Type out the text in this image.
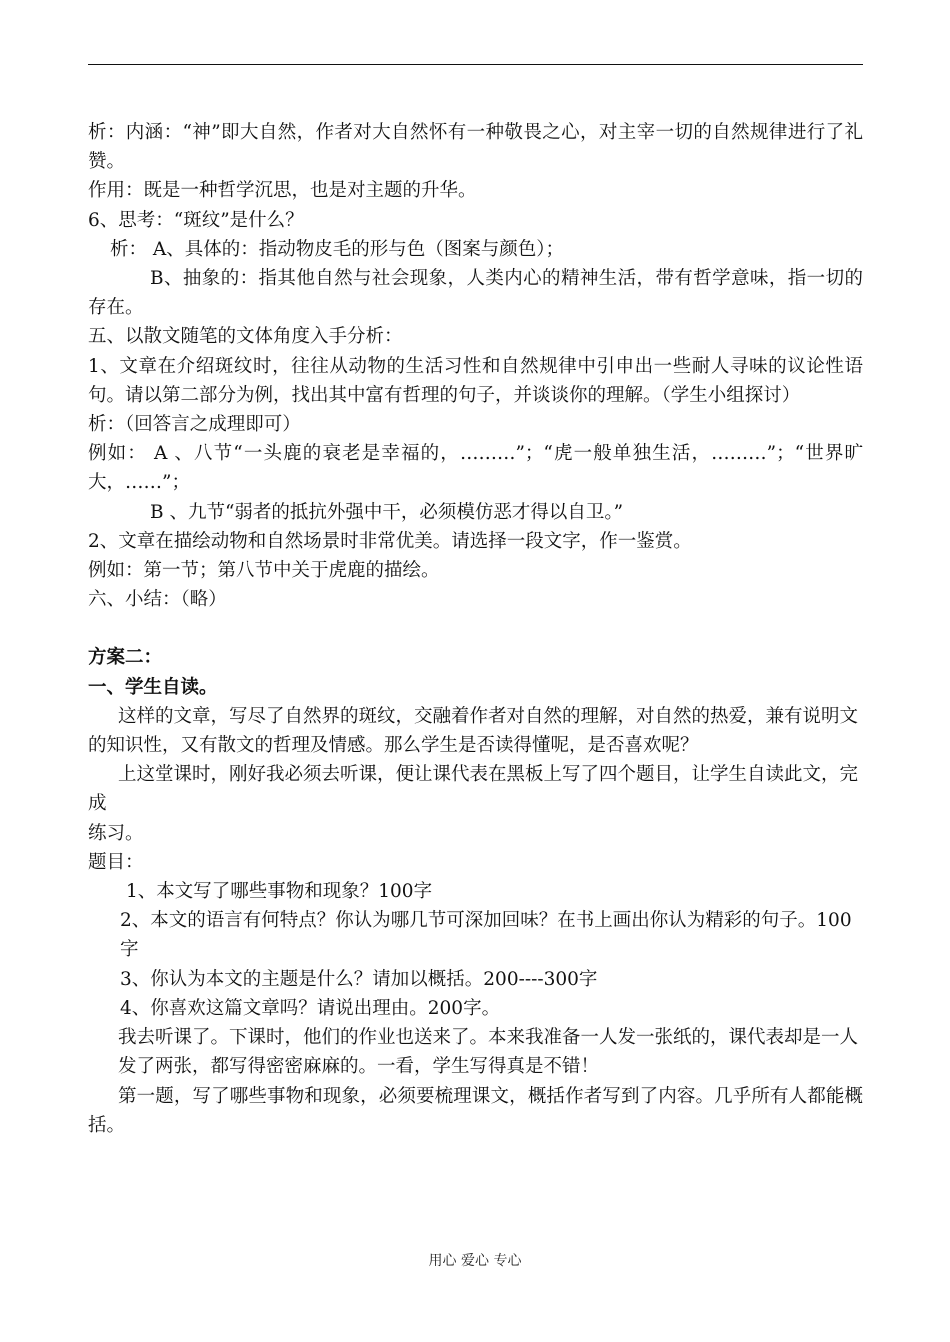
析：内涵：“神”即大自然，作者对大自然怀有一种敬畏之心，对主宰一切的自然规律进行了礼赞。

作用：既是一种哲学沉思，也是对主题的升华。

6、思考：“斑纹”是什么？

析： A、具体的：指动物皮毛的形与色（图案与颜色）；

B、抽象的：指其他自然与社会现象，人类内心的精神生活，带有哲学意味，指一切的存在。

五、以散文随笔的文体角度入手分析：

1、文章在介绍斑纹时，往往从动物的生活习性和自然规律中引申出一些耐人寻味的议论性语句。请以第二部分为例，找出其中富有哲理的句子，并谈谈你的理解。（学生小组探讨）

析：（回答言之成理即可）

例如： A 、八节“一头鹿的衰老是幸福的，………”；“虎一般单独生活，………”；“世界旷大，……”；

B 、九节“弱者的抵抗外强中干，必须模仿恶才得以自卫。”

2、文章在描绘动物和自然场景时非常优美。请选择一段文字，作一鉴赏。

例如：第一节；第八节中关于虎鹿的描绘。

六、小结：（略）

方案二：

一、学生自读。

这样的文章，写尽了自然界的斑纹，交融着作者对自然的理解，对自然的热爱，兼有说明文

的知识性，又有散文的哲理及情感。那么学生是否读得懂呢，是否喜欢呢？

上这堂课时，刚好我必须去听课，便让课代表在黑板上写了四个题目，让学生自读此文，完成

练习。

题目：

1、本文写了哪些事物和现象？100字

2、本文的语言有何特点？你认为哪几节可深加回味？在书上画出你认为精彩的句子。100字

3、你认为本文的主题是什么？请加以概括。200----300字

4、你喜欢这篇文章吗？请说出理由。200字。

我去听课了。下课时，他们的作业也送来了。本来我准备一人发一张纸的，课代表却是一人发了两张，都写得密密麻麻的。一看，学生写得真是不错！

第一题，写了哪些事物和现象，必须要梳理课文，概括作者写到了内容。几乎所有人都能概括。

用心 爱心 专心
